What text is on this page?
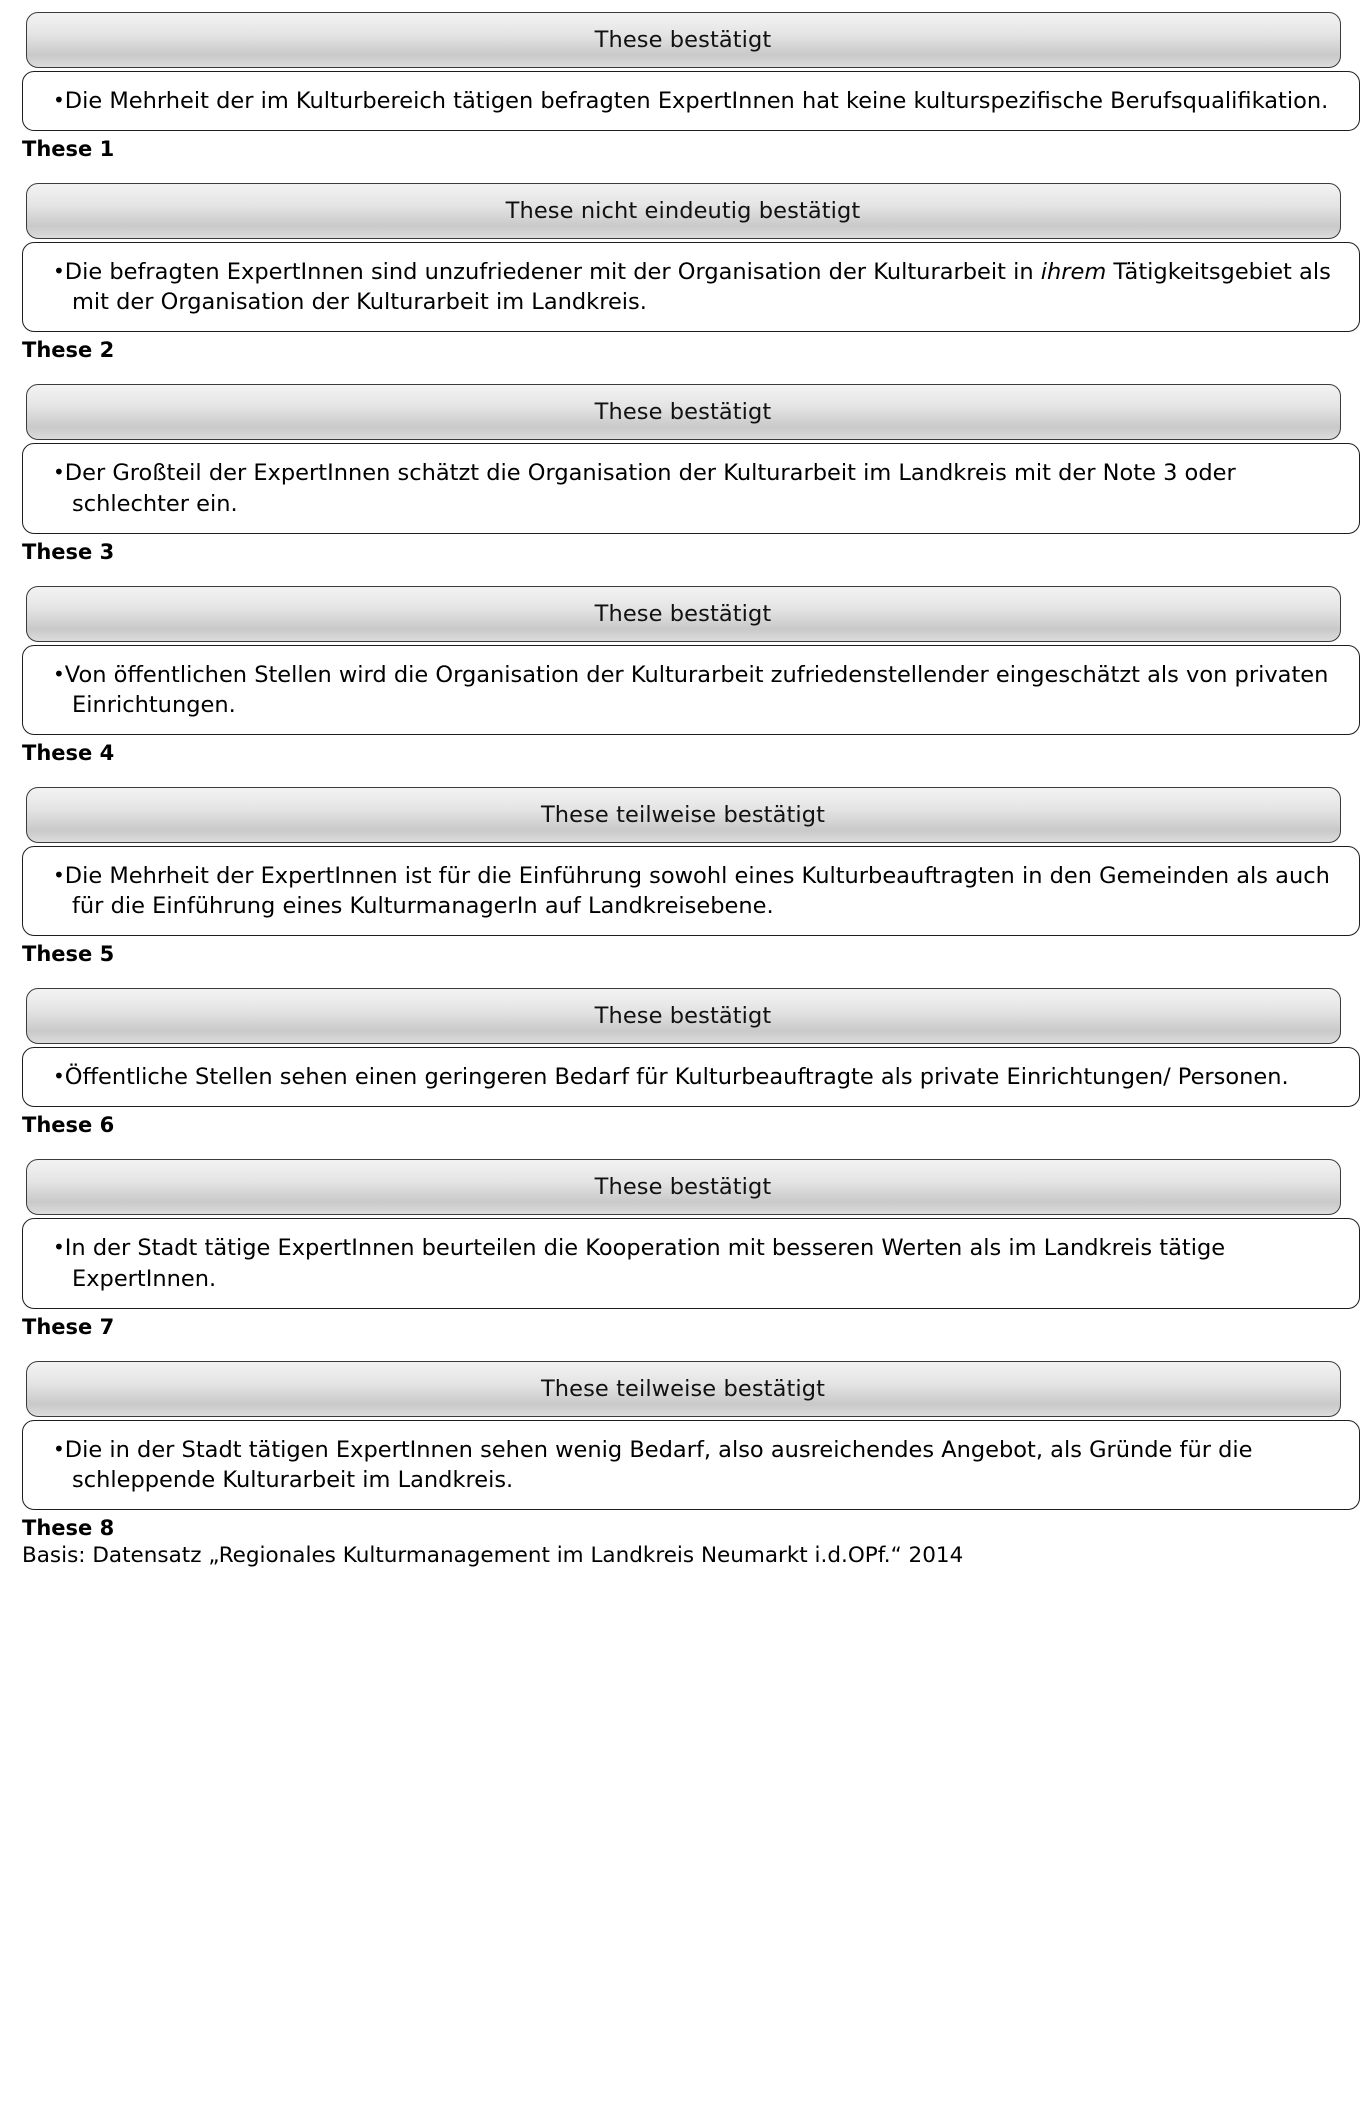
These bestätigt
•Die Mehrheit der im Kulturbereich tätigen befragten ExpertInnen hat keine kulturspezifische Berufsqualifikation.
These 1
These nicht eindeutig bestätigt
•Die befragten ExpertInnen sind unzufriedener mit der Organisation der Kulturarbeit in ihrem Tätigkeitsgebiet als mit der Organisation der Kulturarbeit im Landkreis.
These 2
These bestätigt
•Der Großteil der ExpertInnen schätzt die Organisation der Kulturarbeit im Landkreis mit der Note 3 oder schlechter ein.
These 3
These bestätigt
•Von öffentlichen Stellen wird die Organisation der Kulturarbeit zufriedenstellender eingeschätzt als von privaten Einrichtungen.
These 4
These teilweise bestätigt
•Die Mehrheit der ExpertInnen ist für die Einführung sowohl eines Kulturbeauftragten in den Gemeinden als auch für die Einführung eines KulturmanagerIn auf Landkreisebene.
These 5
These bestätigt
•Öffentliche Stellen sehen einen geringeren Bedarf für Kulturbeauftragte als private Einrichtungen/ Personen.
These 6
These bestätigt
•In der Stadt tätige ExpertInnen beurteilen die Kooperation mit besseren Werten als im Landkreis tätige ExpertInnen.
These 7
These teilweise bestätigt
•Die in der Stadt tätigen ExpertInnen sehen wenig Bedarf, also ausreichendes Angebot, als Gründe für die schleppende Kulturarbeit im Landkreis.
These 8
Basis: Datensatz „Regionales Kulturmanagement im Landkreis Neumarkt i.d.OPf.“ 2014
